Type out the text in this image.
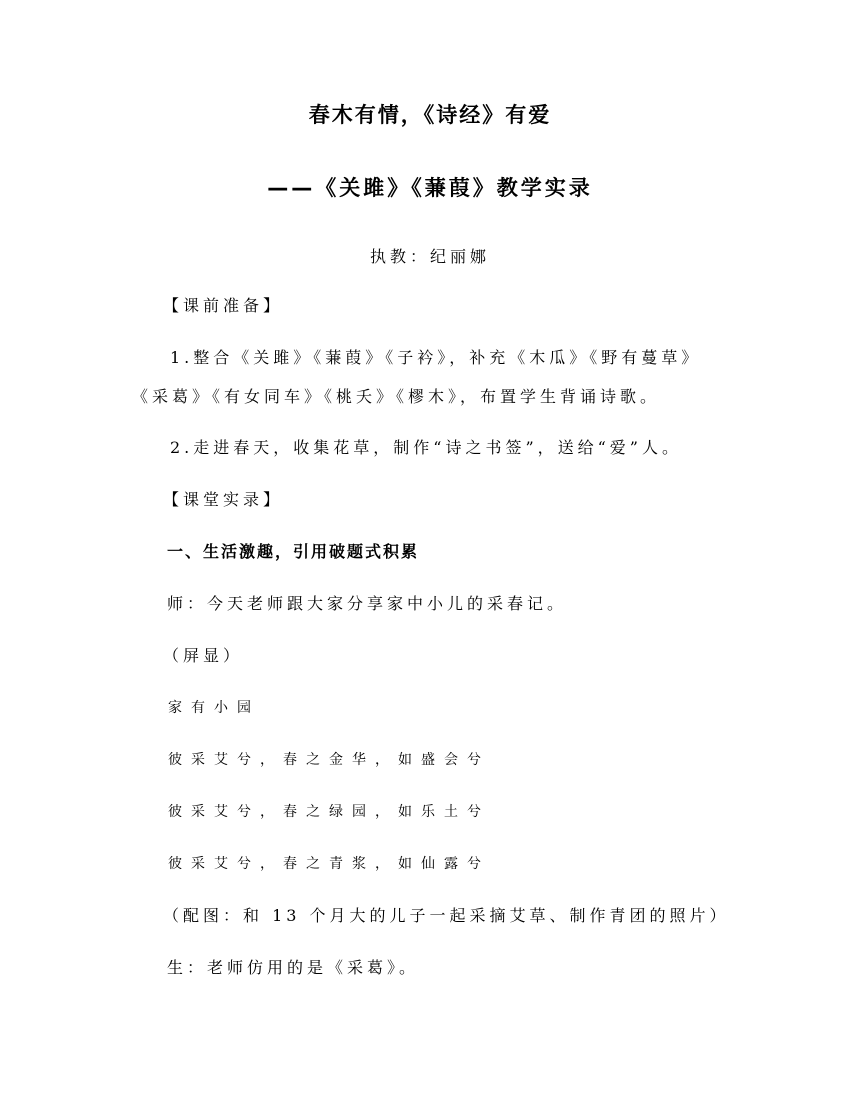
春木有情，《诗经》有爱
——《关雎》《蒹葭》教学实录
执教：纪丽娜
【课前准备】
1.整合《关雎》《蒹葭》《子衿》，补充《木瓜》《野有蔓草》
《采葛》《有女同车》《桃夭》《樛木》，布置学生背诵诗歌。
2.走进春天，收集花草，制作“诗之书签”，送给“爱”人。
【课堂实录】
一、生活激趣，引用破题式积累
师：今天老师跟大家分享家中小儿的采春记。
（屏显）
家有小园
彼采艾兮，春之金华，如盛会兮
彼采艾兮，春之绿园，如乐土兮
彼采艾兮，春之青浆，如仙露兮
（配图：和 13 个月大的儿子一起采摘艾草、制作青团的照片）
生：老师仿用的是《采葛》。
